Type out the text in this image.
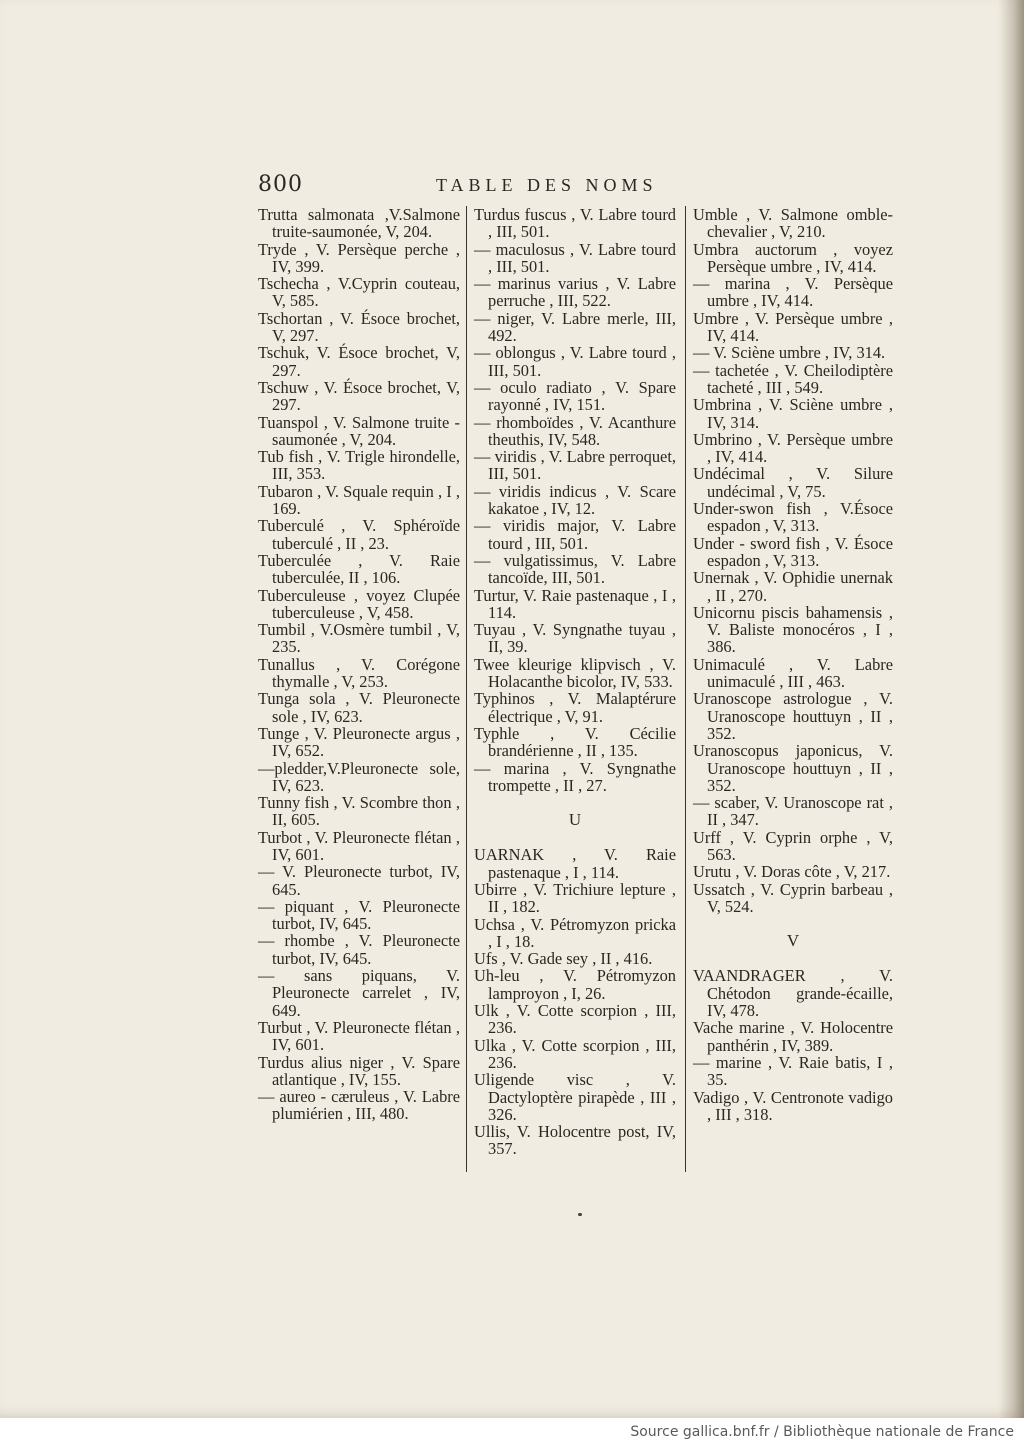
800	TABLE DES NOMS
Trutta salmonata ,V.Salmone truite-saumonée, V, 204.
Tryde , V. Persèque perche , IV, 399.
Tschecha , V.Cyprin couteau, V, 585.
Tschortan , V. Ésoce brochet, V, 297.
Tschuk, V. Ésoce brochet, V, 297.
Tschuw , V. Ésoce brochet, V, 297.
Tuanspol , V. Salmone truite - saumonée , V, 204.
Tub fish , V. Trigle hirondelle, III, 353.
Tubaron , V. Squale requin , I , 169.
Tuberculé , V. Sphéroïde tuberculé , II , 23.
Tuberculée , V. Raie tuberculée, II , 106.
Tuberculeuse , voyez Clupée tuberculeuse , V, 458.
Tumbil , V.Osmère tumbil , V, 235.
Tunallus , V. Corégone thymalle , V, 253.
Tunga sola , V. Pleuronecte sole , IV, 623.
Tunge , V. Pleuronecte argus , IV, 652.
—pledder,V.Pleuronecte sole, IV, 623.
Tunny fish , V. Scombre thon , II, 605.
Turbot , V. Pleuronecte flétan , IV, 601.
— V. Pleuronecte turbot, IV, 645.
— piquant , V. Pleuronecte turbot, IV, 645.
— rhombe , V. Pleuronecte turbot, IV, 645.
— sans piquans, V. Pleuronecte carrelet , IV, 649.
Turbut , V. Pleuronecte flétan , IV, 601.
Turdus alius niger , V. Spare atlantique , IV, 155.
— aureo - cæruleus , V. Labre plumiérien , III, 480.
Turdus fuscus , V. Labre tourd , III, 501.
— maculosus , V. Labre tourd , III, 501.
— marinus varius , V. Labre perruche , III, 522.
— niger, V. Labre merle, III, 492.
— oblongus , V. Labre tourd , III, 501.
— oculo radiato , V. Spare rayonné , IV, 151.
— rhomboïdes , V. Acanthure theuthis, IV, 548.
— viridis , V. Labre perroquet, III, 501.
— viridis indicus , V. Scare kakatoe , IV, 12.
— viridis major, V. Labre tourd , III, 501.
— vulgatissimus, V. Labre tancoïde, III, 501.
Turtur, V. Raie pastenaque , I , 114.
Tuyau , V. Syngnathe tuyau , II, 39.
Twee kleurige klipvisch , V. Holacanthe bicolor, IV, 533.
Typhinos , V. Malaptérure électrique , V, 91.
Typhle , V. Cécilie brandérienne , II , 135.
— marina , V. Syngnathe trompette , II , 27.
U
UARNAK , V. Raie pastenaque , I , 114.
Ubirre , V. Trichiure lepture , II , 182.
Uchsa , V. Pétromyzon pricka , I , 18.
Ufs , V. Gade sey , II , 416.
Uh-leu , V. Pétromyzon lamproyon , I, 26.
Ulk , V. Cotte scorpion , III, 236.
Ulka , V. Cotte scorpion , III, 236.
Uligende visc , V. Dactyloptère pirapède , III , 326.
Ullis, V. Holocentre post, IV, 357.
Umble , V. Salmone omble-chevalier , V, 210.
Umbra auctorum , voyez Persèque umbre , IV, 414.
— marina , V. Persèque umbre , IV, 414.
Umbre , V. Persèque umbre , IV, 414.
— V. Sciène umbre , IV, 314.
— tachetée , V. Cheilodiptère tacheté , III , 549.
Umbrina , V. Sciène umbre , IV, 314.
Umbrino , V. Persèque umbre , IV, 414.
Undécimal , V. Silure undécimal , V, 75.
Under-swon fish , V.Ésoce espadon , V, 313.
Under - sword fish , V. Ésoce espadon , V, 313.
Unernak , V. Ophidie unernak , II , 270.
Unicornu piscis bahamensis , V. Baliste monocéros , I , 386.
Unimaculé , V. Labre unimaculé , III , 463.
Uranoscope astrologue , V. Uranoscope houttuyn , II , 352.
Uranoscopus japonicus, V. Uranoscope houttuyn , II , 352.
— scaber, V. Uranoscope rat , II , 347.
Urff , V. Cyprin orphe , V, 563.
Urutu , V. Doras côte , V, 217.
Ussatch , V. Cyprin barbeau , V, 524.
V
VAANDRAGER , V. Chétodon grande-écaille, IV, 478.
Vache marine , V. Holocentre panthérin , IV, 389.
— marine , V. Raie batis, I , 35.
Vadigo , V. Centronote vadigo , III , 318.
Source gallica.bnf.fr / Bibliothèque nationale de France
